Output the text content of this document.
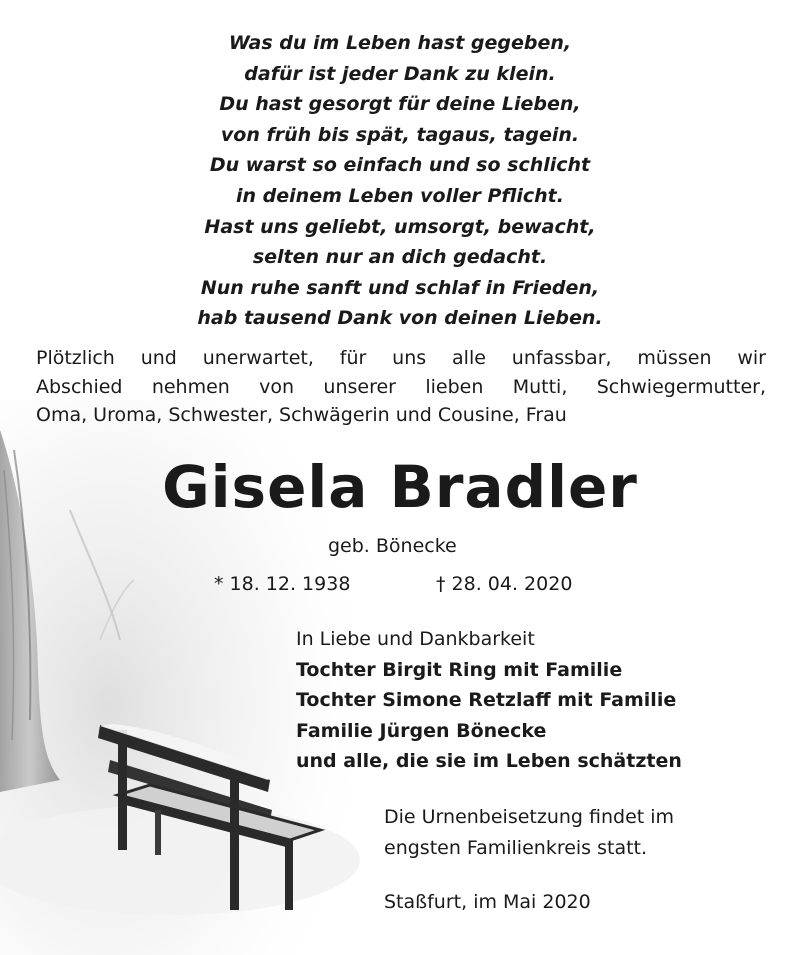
Was du im Leben hast gegeben,
dafür ist jeder Dank zu klein.
Du hast gesorgt für deine Lieben,
von früh bis spät, tagaus, tagein.
Du warst so einfach und so schlicht
in deinem Leben voller Pflicht.
Hast uns geliebt, umsorgt, bewacht,
selten nur an dich gedacht.
Nun ruhe sanft und schlaf in Frieden,
hab tausend Dank von deinen Lieben.
Plötzlich und unerwartet, für uns alle unfassbar, müssen wir
Abschied nehmen von unserer lieben Mutti, Schwiegermutter,
Oma, Uroma, Schwester, Schwägerin und Cousine, Frau
Gisela Bradler
geb. Bönecke
* 18. 12. 1938	† 28. 04. 2020
In Liebe und Dankbarkeit
Tochter Birgit Ring mit Familie
Tochter Simone Retzlaff mit Familie
Familie Jürgen Bönecke
und alle, die sie im Leben schätzten
Die Urnenbeisetzung findet im
engsten Familienkreis statt.
Staßfurt, im Mai 2020
